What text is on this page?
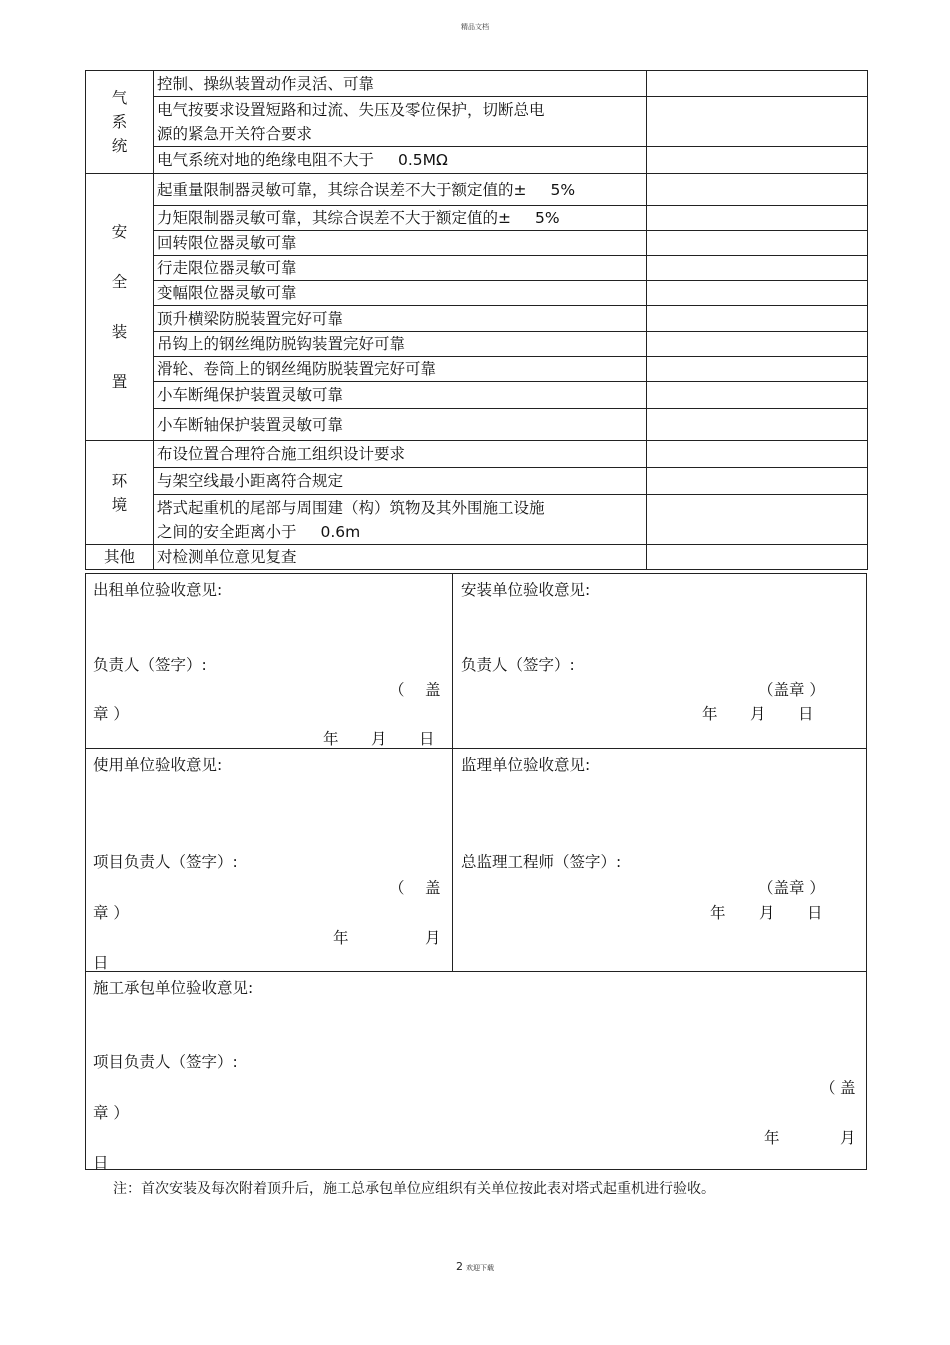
精品文档
气
系
统	控制、操纵装置动作灵活、可靠	

	电气按要求设置短路和过流、失压及零位保护，切断总电
源的紧急开关符合要求	

	电气系统对地的绝缘电阻不大于 0.5MΩ	

安
全
装
置	起重量限制器灵敏可靠，其综合误差不大于额定值的± 5%	
	力矩限制器灵敏可靠，其综合误差不大于额定值的± 5%	
	回转限位器灵敏可靠	
	行走限位器灵敏可靠	
	变幅限位器灵敏可靠	
	顶升横梁防脱装置完好可靠	
	吊钩上的钢丝绳防脱钩装置完好可靠	
	滑轮、卷筒上的钢丝绳防脱装置完好可靠	
	小车断绳保护装置灵敏可靠	
	小车断轴保护装置灵敏可靠	

环
境	布设位置合理符合施工组织设计要求	
	与架空线最小距离符合规定	

	塔式起重机的尾部与周围建（构）筑物及其外围施工设施
之间的安全距离小于 0.6m	

其他	对检测单位意见复查	
出租单位验收意见:
负责人（签字）:
（ 盖
章 ）
年 月 日
安装单位验收意见:
负责人（签字）:
（盖章 ）
年 月 日
使用单位验收意见:
项目负责人（签字）:
（ 盖
章 ）
年	月
日
监理单位验收意见:
总监理工程师（签字）:
（盖章 ）
年 月 日
施工承包单位验收意见:
项目负责人（签字）:
（ 盖
章 ）
年	月
日
注：首次安装及每次附着顶升后，施工总承包单位应组织有关单位按此表对塔式起重机进行验收。
2 欢迎下载
